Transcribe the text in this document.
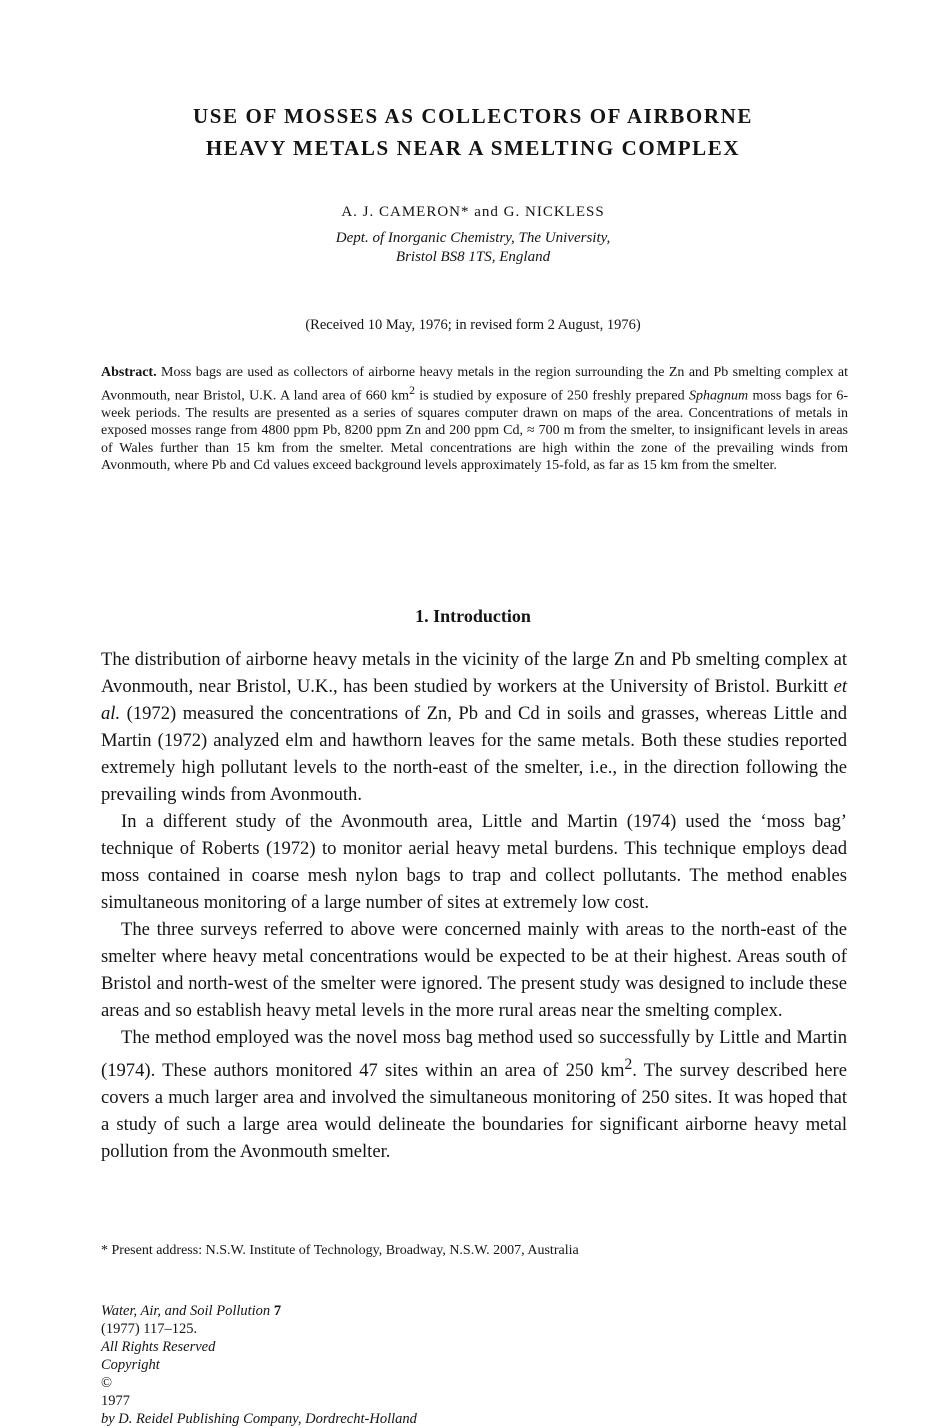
USE OF MOSSES AS COLLECTORS OF AIRBORNE
HEAVY METALS NEAR A SMELTING COMPLEX
A. J. CAMERON* and G. NICKLESS
Dept. of Inorganic Chemistry, The University,
Bristol BS8 1TS, England
(Received 10 May, 1976; in revised form 2 August, 1976)
Abstract. Moss bags are used as collectors of airborne heavy metals in the region surrounding the Zn and Pb smelting complex at Avonmouth, near Bristol, U.K. A land area of 660 $km^2$ is studied by exposure of 250 freshly prepared Sphagnum moss bags for 6-week periods. The results are presented as a series of squares computer drawn on maps of the area. Concentrations of metals in exposed mosses range from 4800 ppm Pb, 8200 ppm Zn and 200 ppm Cd, ≈ 700 m from the smelter, to insignificant levels in areas of Wales further than 15 km from the smelter. Metal concentrations are high within the zone of the prevailing winds from Avonmouth, where Pb and Cd values exceed background levels approximately 15-fold, as far as 15 km from the smelter.
1. Introduction

The distribution of airborne heavy metals in the vicinity of the large Zn and Pb smelting complex at Avonmouth, near Bristol, U.K., has been studied by workers at the University of Bristol. Burkitt et al. (1972) measured the concentrations of Zn, Pb and Cd in soils and grasses, whereas Little and Martin (1972) analyzed elm and hawthorn leaves for the same metals. Both these studies reported extremely high pollutant levels to the north-east of the smelter, i.e., in the direction following the prevailing winds from Avonmouth.

In a different study of the Avonmouth area, Little and Martin (1974) used the ‘moss bag’ technique of Roberts (1972) to monitor aerial heavy metal burdens. This technique employs dead moss contained in coarse mesh nylon bags to trap and collect pollutants. The method enables simultaneous monitoring of a large number of sites at extremely low cost.

The three surveys referred to above were concerned mainly with areas to the north-east of the smelter where heavy metal concentrations would be expected to be at their highest. Areas south of Bristol and north-west of the smelter were ignored. The present study was designed to include these areas and so establish heavy metal levels in the more rural areas near the smelting complex.

The method employed was the novel moss bag method used so successfully by Little and Martin (1974). These authors monitored 47 sites within an area of 250 $km^2$. The survey described here covers a much larger area and involved the simultaneous monitoring of 250 sites. It was hoped that a study of such a large area would delineate the boundaries for significant airborne heavy metal pollution from the Avonmouth smelter.

* Present address: N.S.W. Institute of Technology, Broadway, N.S.W. 2007, Australia
Water, Air, and Soil Pollution 7
(1977) 117–125.
All Rights Reserved
Copyright
©
1977
by D. Reidel Publishing Company, Dordrecht-Holland
